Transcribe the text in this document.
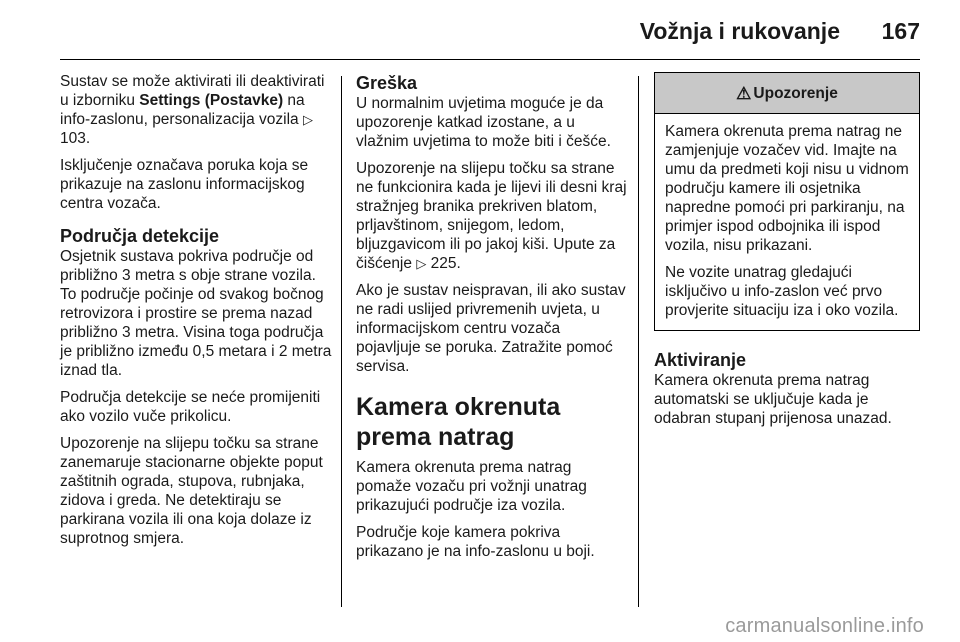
Vožnja i rukovanje 167

Sustav se može aktivirati ili deaktivirati u izborniku Settings (Postavke) na info-zaslonu, personalizacija vozila ▷ 103.

Isključenje označava poruka koja se prikazuje na zaslonu informacijskog centra vozača.

Područja detekcije

Osjetnik sustava pokriva područje od približno 3 metra s obje strane vozila. To područje počinje od svakog bočnog retrovizora i prostire se prema nazad približno 3 metra. Visina toga područja je približno između 0,5 metara i 2 metra iznad tla.

Područja detekcije se neće promijeniti ako vozilo vuče prikolicu.

Upozorenje na slijepu točku sa strane zanemaruje stacionarne objekte poput zaštitnih ograda, stupova, rubnjaka, zidova i greda. Ne detektiraju se parkirana vozila ili ona koja dolaze iz suprotnog smjera.

Greška

U normalnim uvjetima moguće je da upozorenje katkad izostane, a u vlažnim uvjetima to može biti i češće.

Upozorenje na slijepu točku sa strane ne funkcionira kada je lijevi ili desni kraj stražnjeg branika prekriven blatom, prljavštinom, snijegom, ledom, bljuzgavicom ili po jakoj kiši. Upute za čišćenje ▷ 225.

Ako je sustav neispravan, ili ako sustav ne radi uslijed privremenih uvjeta, u informacijskom centru vozača pojavljuje se poruka. Zatražite pomoć servisa.

Kamera okrenuta prema natrag

Kamera okrenuta prema natrag pomaže vozaču pri vožnji unatrag prikazujući područje iza vozila.

Područje koje kamera pokriva prikazano je na info-zaslonu u boji.

⚠ Upozorenje

Kamera okrenuta prema natrag ne zamjenjuje vozačev vid. Imajte na umu da predmeti koji nisu u vidnom području kamere ili osjetnika napredne pomoći pri parkiranju, na primjer ispod odbojnika ili ispod vozila, nisu prikazani.

Ne vozite unatrag gledajući isključivo u info-zaslon već prvo provjerite situaciju iza i oko vozila.

Aktiviranje

Kamera okrenuta prema natrag automatski se uključuje kada je odabran stupanj prijenosa unazad.

carmanualsonline.info
